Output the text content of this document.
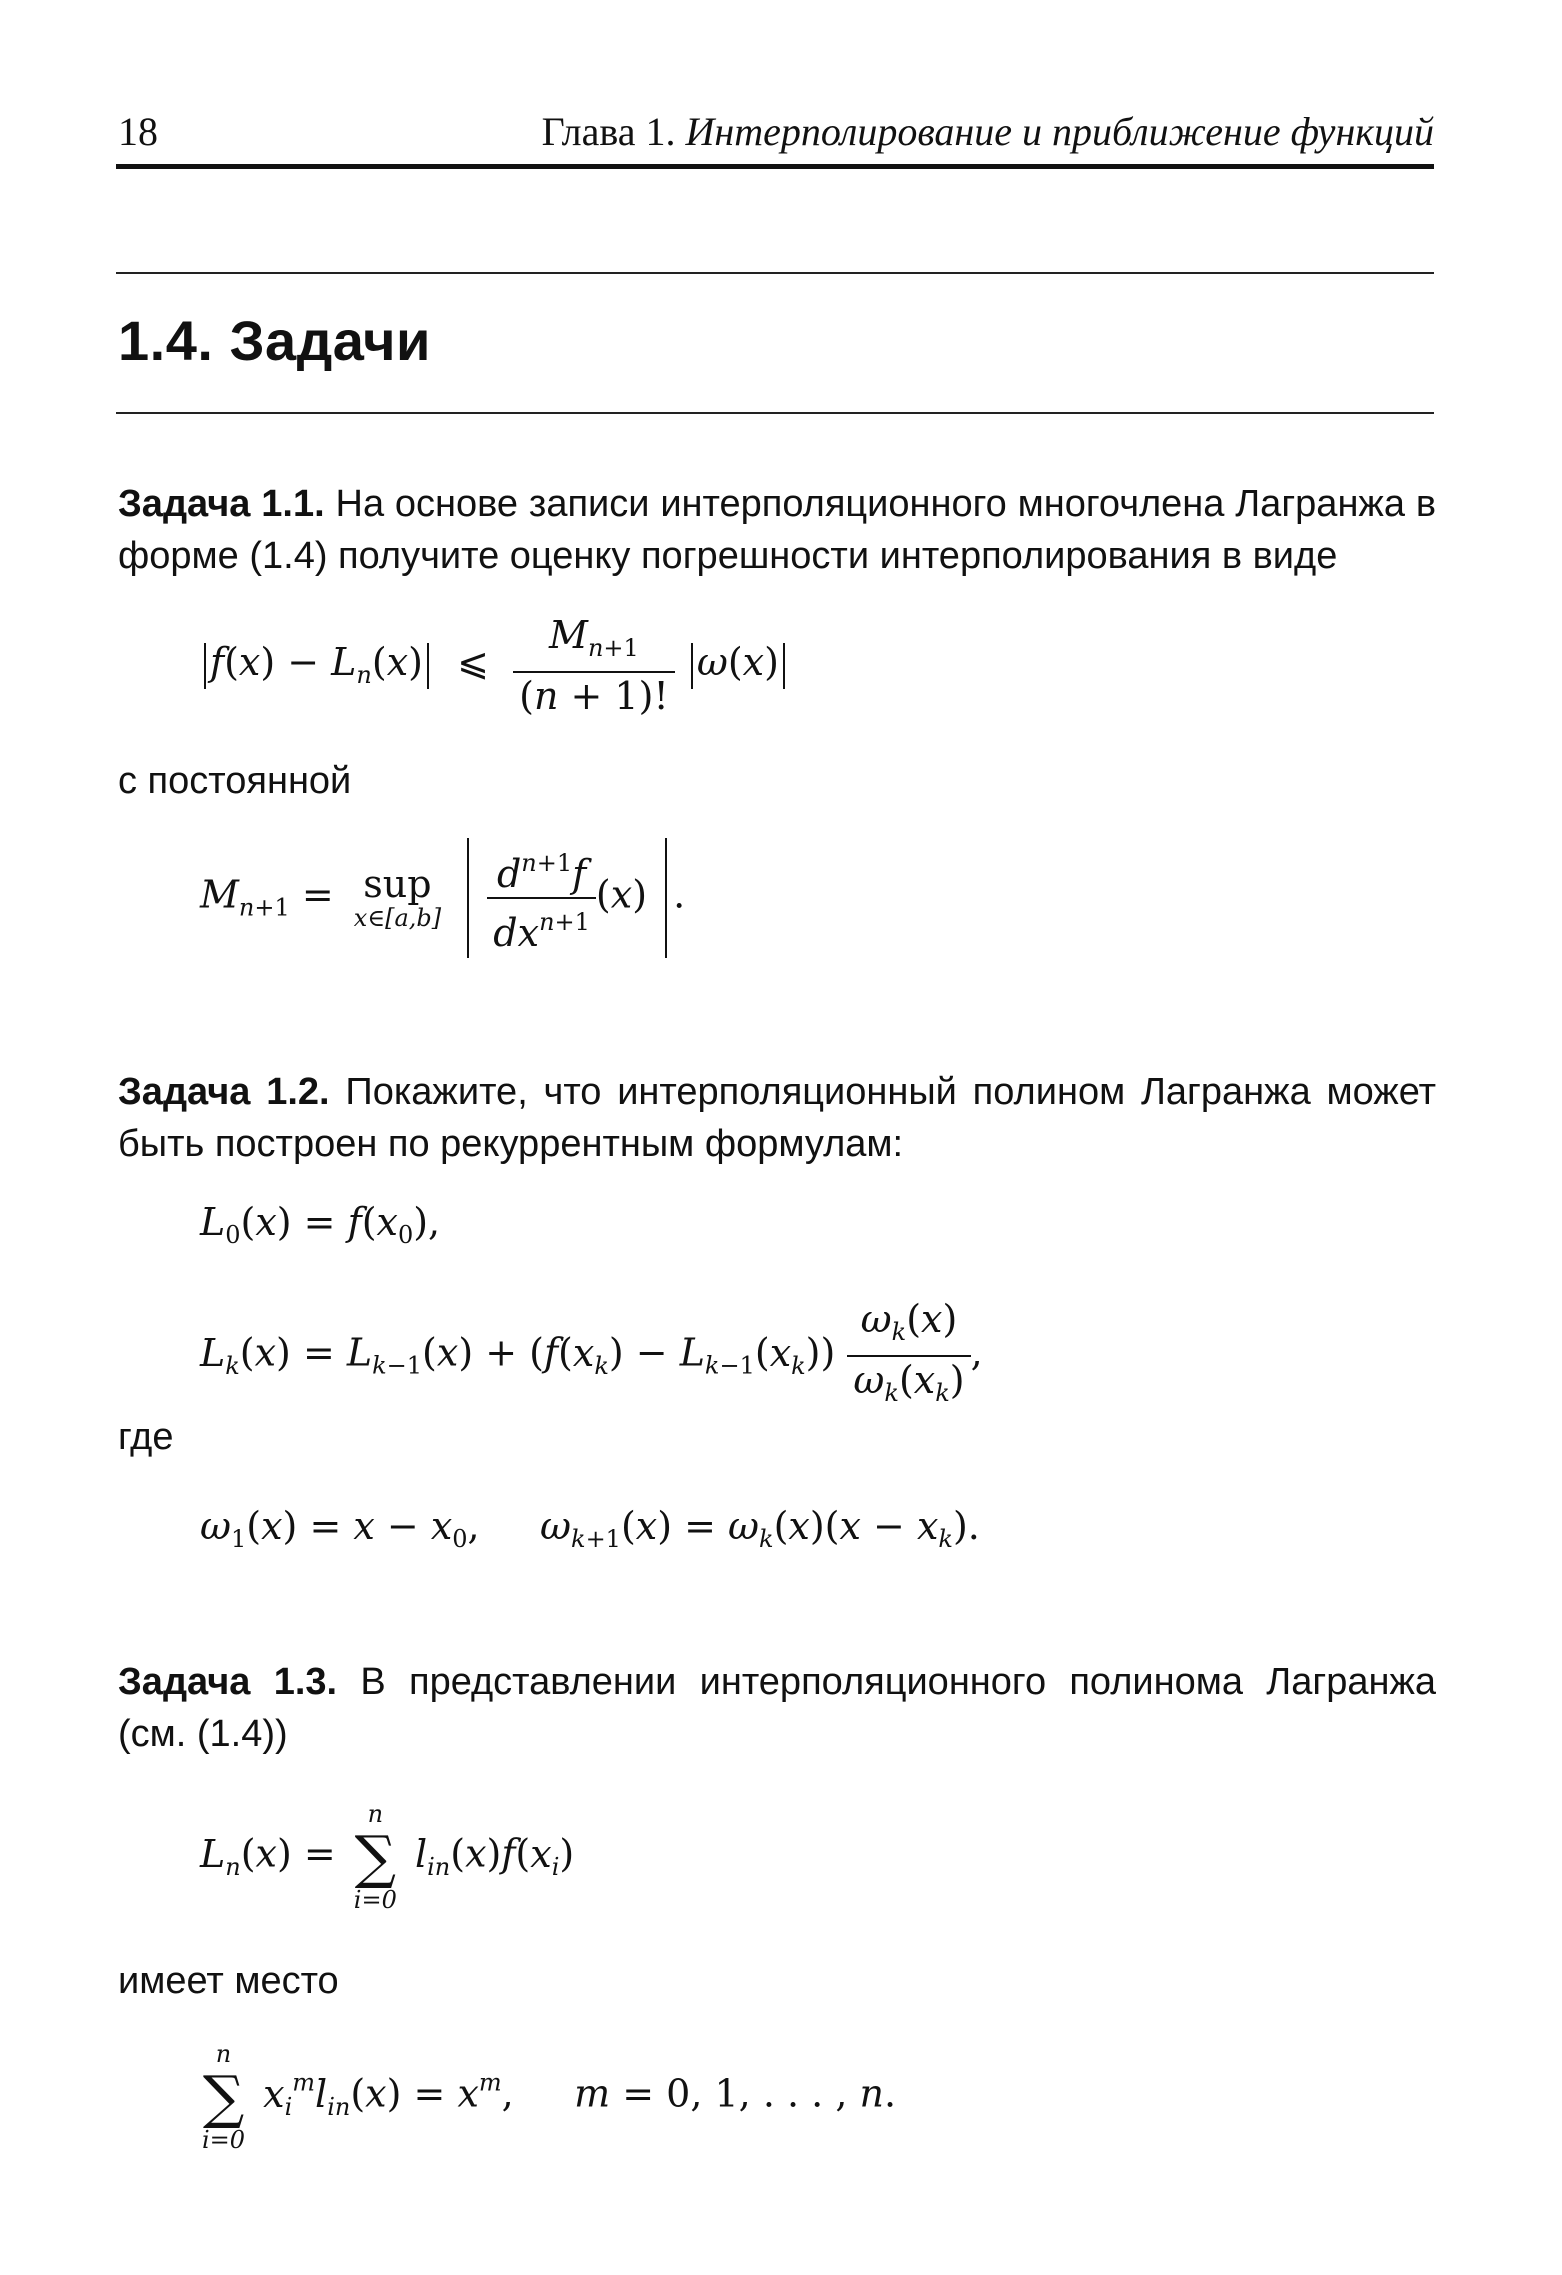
18	Глава 1. Интерполирование и приближение функций
1.4. Задачи
Задача 1.1. На основе записи интерполяционного многочлена Лагранжа в форме (1.4) получите оценку погрешности интерполирования в виде
$f(x) - L_n(x)$  ⩽ $\frac{M_{n+1}}{(n + 1)!} \omega(x)$
с постоянной
$M_{n+1}$ = sup
x∈[a,b]
$\frac{d^{n+1}f}{dx^{n+1}} (x)$ .
Задача 1.2. Покажите, что интерполяционный полином Лагранжа может быть построен по рекуррентным формулам:
$L_0(x) = f(x_0)$,
$L_k(x) = L_{k-1}(x) + (f(x_k) - L_{k-1}(x_k)) \frac{\omega_k(x)}{\omega_k(x_k)}$ ,
где
$\omega_1(x) = x - x_0$,     $\omega_{k+1}(x) = \omega_k(x)(x - x_k)$.
Задача 1.3. В представлении интерполяционного полинома Лагранжа (см. (1.4))
$L_n(x)$ =
n
∑
i=0
$l_{in}(x)f(x_i)$
имеет место
n
∑
i=0
$x_i^ml_{in}(x) = x^m$,     m = 0, 1, . . . , n.
